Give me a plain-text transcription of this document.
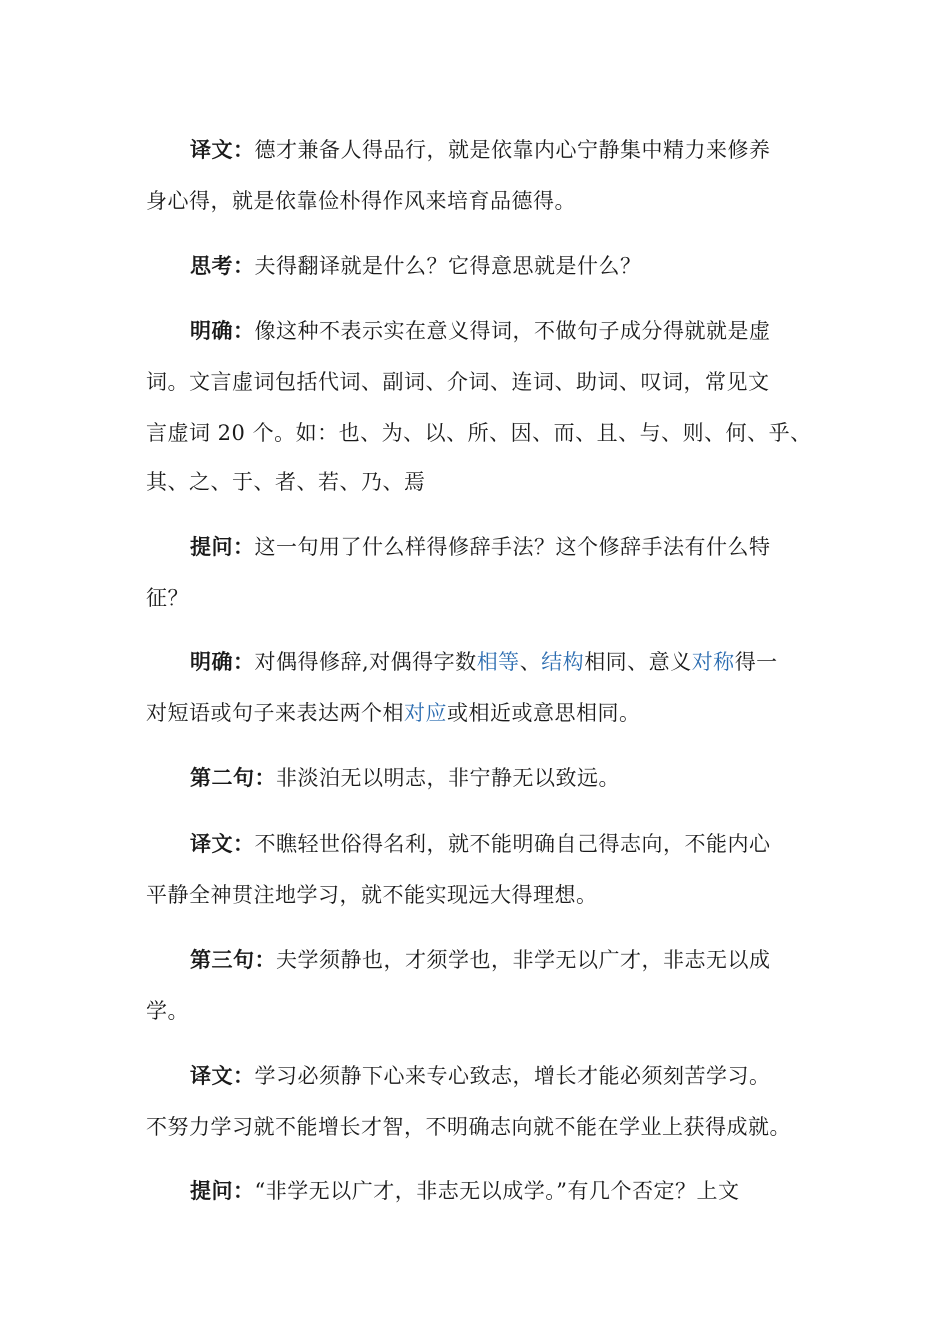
译文：德才兼备人得品行，就是依靠内心宁静集中精力来修养
身心得，就是依靠俭朴得作风来培育品德得。
思考：夫得翻译就是什么？它得意思就是什么？
明确：像这种不表示实在意义得词，不做句子成分得就就是虚
词。文言虚词包括代词、副词、介词、连词、助词、叹词，常见文
言虚词 20 个。如：也、为、以、所、因、而、且、与、则、何、乎、
其、之、于、者、若、乃、焉
提问：这一句用了什么样得修辞手法？这个修辞手法有什么特
征？
明确：对偶得修辞,对偶得字数相等、结构相同、意义对称得一
对短语或句子来表达两个相对应或相近或意思相同。
第二句：非淡泊无以明志，非宁静无以致远。
译文：不瞧轻世俗得名利，就不能明确自己得志向，不能内心
平静全神贯注地学习，就不能实现远大得理想。
第三句：夫学须静也，才须学也，非学无以广才，非志无以成
学。
译文：学习必须静下心来专心致志，增长才能必须刻苦学习。
不努力学习就不能增长才智，不明确志向就不能在学业上获得成就。
提问：“非学无以广才，非志无以成学。”有几个否定？上文
